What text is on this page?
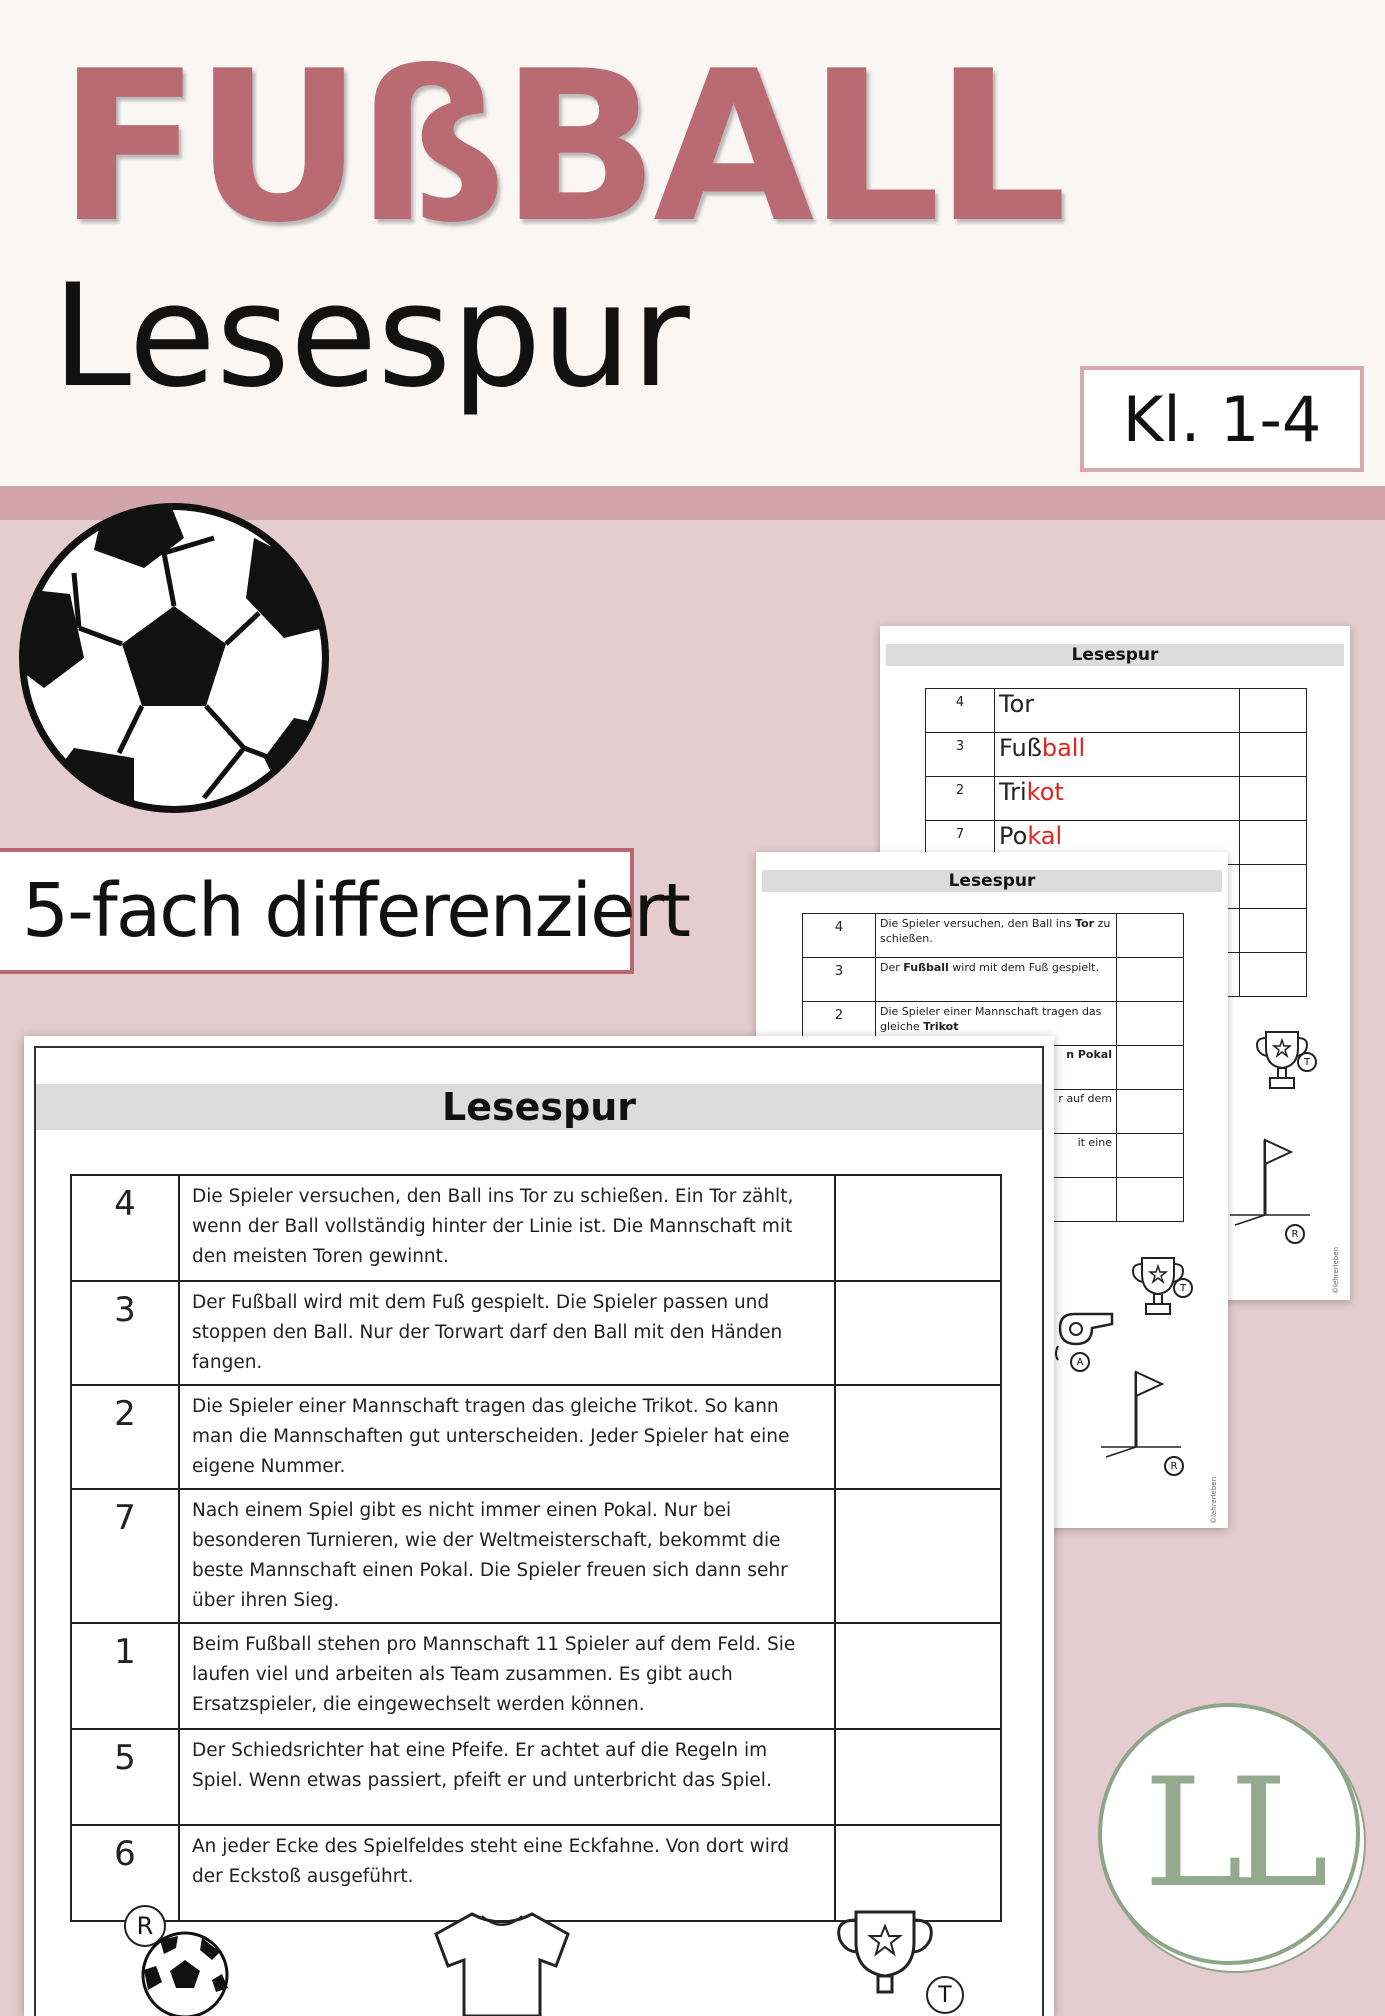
FUßBALL
Lesespur	Kl. 1-4
5-fach differenziert
Lesespur
4	Tor	
3	Fußball	
2	Trikot	
7	Pokal	

T
R
©lehrerleben
Lesespur
4	Die Spieler versuchen, den Ball ins Tor zu schießen.	
3	Der Fußball wird mit dem Fuß gespielt.	
2	Die Spieler einer Mannschaft tragen das gleiche Trikot	
	n Pokal	
	r auf dem	
	it eine	

T
A
R
©lehrerleben
Lesespur
4	Die Spieler versuchen, den Ball ins Tor zu schießen. Ein Tor zählt, wenn der Ball vollständig hinter der Linie ist. Die Mannschaft mit den meisten Toren gewinnt.	
3	Der Fußball wird mit dem Fuß gespielt. Die Spieler passen und stoppen den Ball. Nur der Torwart darf den Ball mit den Händen fangen.	
2	Die Spieler einer Mannschaft tragen das gleiche Trikot. So kann man die Mannschaften gut unterscheiden. Jeder Spieler hat eine eigene Nummer.	
7	Nach einem Spiel gibt es nicht immer einen Pokal. Nur bei besonderen Turnieren, wie der Weltmeisterschaft, bekommt die beste Mannschaft einen Pokal. Die Spieler freuen sich dann sehr über ihren Sieg.	
1	Beim Fußball stehen pro Mannschaft 11 Spieler auf dem Feld. Sie laufen viel und arbeiten als Team zusammen. Es gibt auch Ersatzspieler, die eingewechselt werden können.	
5	Der Schiedsrichter hat eine Pfeife. Er achtet auf die Regeln im Spiel. Wenn etwas passiert, pfeift er und unterbricht das Spiel.	
6	An jeder Ecke des Spielfeldes steht eine Eckfahne. Von dort wird der Eckstoß ausgeführt.	
R
T
LL
